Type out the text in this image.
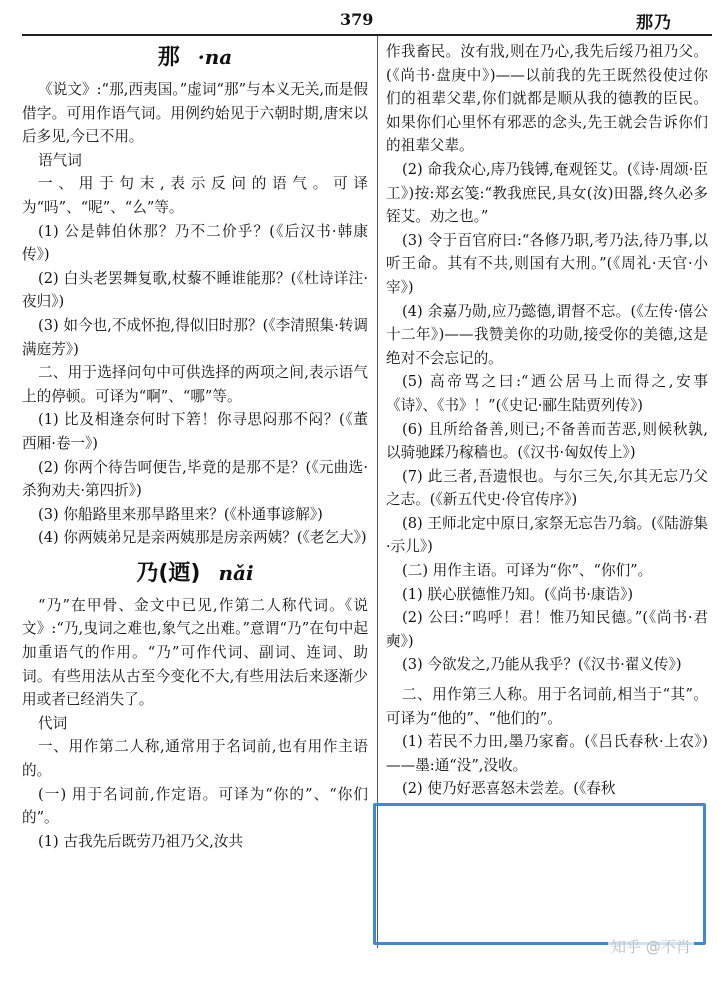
379	那乃
那 ·na

《说文》:“那,西夷国。”虚词“那”与本义无关,而是假借字。可用作语气词。用例约始见于六朝时期,唐宋以后多见,今已不用。

语气词

一、用于句末,表示反问的语气。可译为“吗”、“呢”、“么”等。

(1) 公是韩伯休那？乃不二价乎？(《后汉书·韩康传》)

(2) 白头老罢舞复歌,杖藜不睡谁能那？(《杜诗详注·夜归》)

(3) 如今也,不成怀抱,得似旧时那？(《李清照集·转调满庭芳》)

二、用于选择问句中可供选择的两项之间,表示语气上的停顿。可译为“啊”、“哪”等。

(1) 比及相逢奈何时下箬！你寻思闷那不闷？(《董西厢·卷一》)

(2) 你两个待告呵便告,毕竟的是那不是？(《元曲选·杀狗劝夫·第四折》)

(3) 你船路里来那旱路里来？(《朴通事谚解》)

(4) 你两姨弟兄是亲两姨那是房亲两姨？(《老乞大》)

乃(迺) nǎi

“乃”在甲骨、金文中已见,作第二人称代词。《说文》:“乃,曳词之难也,象气之出难。”意谓“乃”在句中起加重语气的作用。“乃”可作代词、副词、连词、助词。有些用法从古至今变化不大,有些用法后来逐渐少用或者已经消失了。

代词

一、用作第二人称,通常用于名词前,也有用作主语的。

(一) 用于名词前,作定语。可译为“你的”、“你们的”。

(1) 古我先后既劳乃祖乃父,汝共

作我畜民。汝有戕,则在乃心,我先后绥乃祖乃父。(《尚书·盘庚中》)——以前我的先王既然役使过你们的祖辈父辈,你们就都是顺从我的德教的臣民。如果你们心里怀有邪恶的念头,先王就会告诉你们的祖辈父辈。

(2) 命我众心,庤乃钱镈,奄观铚艾。(《诗·周颂·臣工》)按:郑玄笺:“教我庶民,具女(汝)田器,终久必多铚艾。劝之也。”

(3) 令于百官府曰:“各修乃职,考乃法,待乃事,以听王命。其有不共,则国有大刑。”(《周礼·天官·小宰》)

(4) 余嘉乃勋,应乃懿德,谓督不忘。(《左传·僖公十二年》)——我赞美你的功勋,接受你的美德,这是绝对不会忘记的。

(5) 高帝骂之曰:“迺公居马上而得之,安事《诗》、《书》！”(《史记·郦生陆贾列传》)

(6) 且所给备善,则已;不备善而苦恶,则候秋孰,以骑驰蹂乃稼穑也。(《汉书·匈奴传上》)

(7) 此三者,吾遗恨也。与尔三矢,尔其无忘乃父之志。(《新五代史·伶官传序》)

(8) 王师北定中原日,家祭无忘告乃翁。(《陆游集·示儿》)

(二) 用作主语。可译为“你”、“你们”。

(1) 朕心朕德惟乃知。(《尚书·康诰》)

(2) 公曰:“呜呼！君！惟乃知民德。”(《尚书·君奭》)

(3) 今欲发之,乃能从我乎？(《汉书·翟义传》)

二、用作第三人称。用于名词前,相当于“其”。可译为“他的”、“他们的”。

(1) 若民不力田,墨乃家畜。(《吕氏春秋·上农》)——墨:通“没”,没收。

(2) 使乃好恶喜怒未尝差。(《春秋

知乎 @不肖
